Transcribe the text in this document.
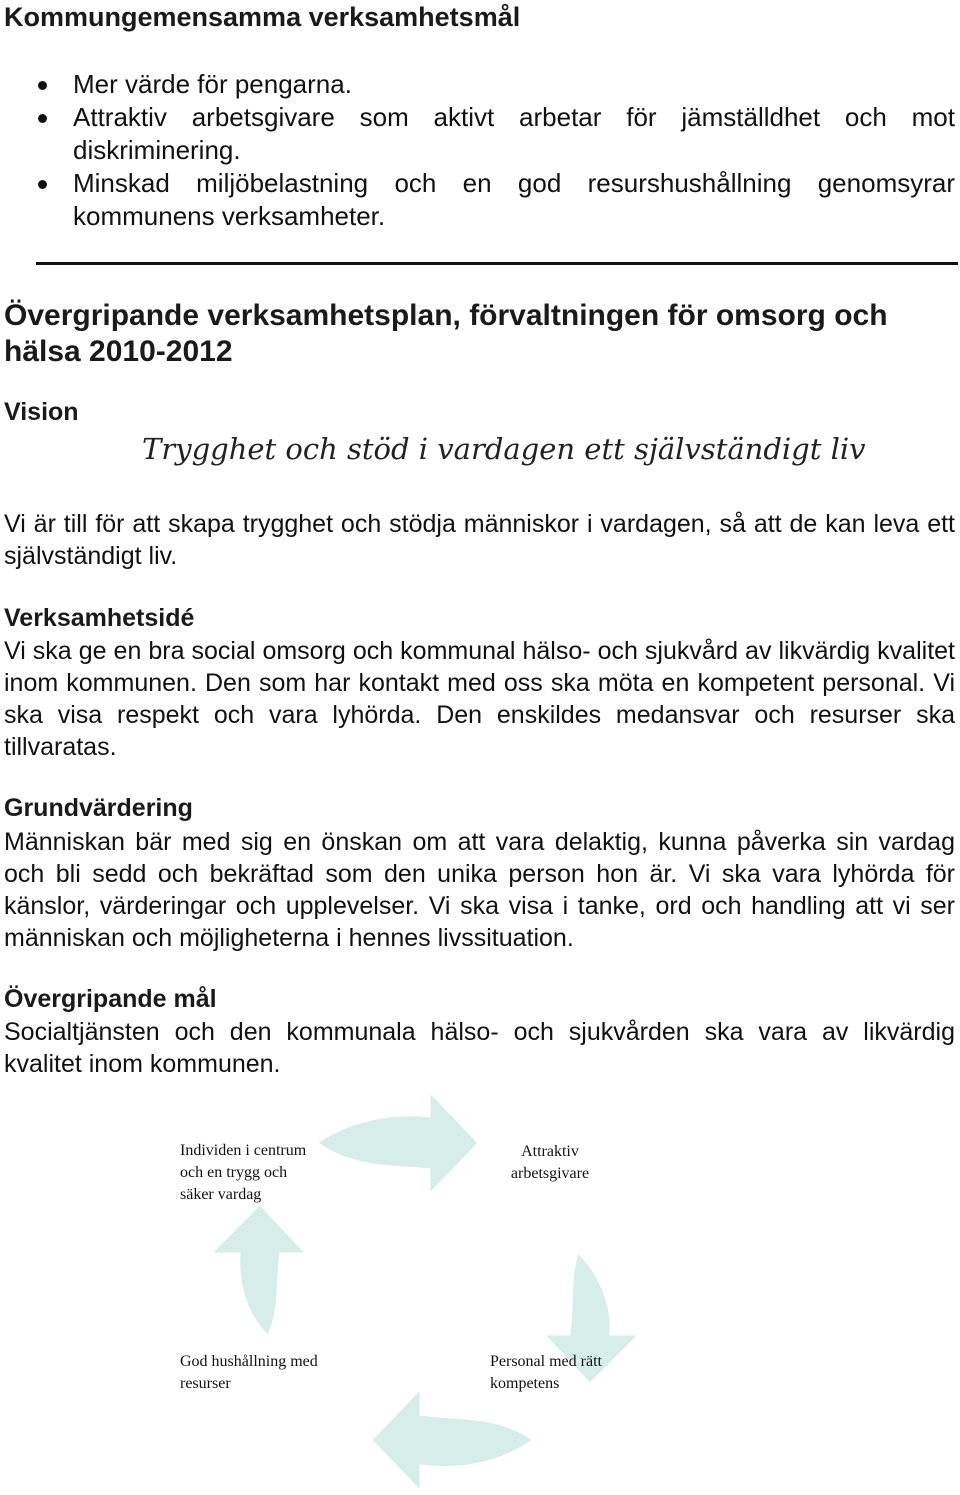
Kommungemensamma verksamhetsmål
Mer värde för pengarna.
Attraktiv arbetsgivare som aktivt arbetar för jämställdhet och mot diskriminering.
Minskad miljöbelastning och en god resurshushållning genomsyrar kommunens verksamheter.
Övergripande verksamhetsplan, förvaltningen för omsorg och hälsa 2010-2012
Vision

Trygghet och stöd i vardagen ett självständigt liv

Vi är till för att skapa trygghet och stödja människor i vardagen, så att de kan leva ett självständigt liv.

Verksamhetsidé

Vi ska ge en bra social omsorg och kommunal hälso- och sjukvård av likvärdig kvalitet inom kommunen. Den som har kontakt med oss ska möta en kompetent personal. Vi ska visa respekt och vara lyhörda. Den enskildes medansvar och resurser ska tillvaratas.

Grundvärdering

Människan bär med sig en önskan om att vara delaktig, kunna påverka sin vardag och bli sedd och bekräftad som den unika person hon är. Vi ska vara lyhörda för känslor, värderingar och upplevelser. Vi ska visa i tanke, ord och handling att vi ser människan och möjligheterna i hennes livssituation.

Övergripande mål

Socialtjänsten och den kommunala hälso- och sjukvården ska vara av likvärdig kvalitet inom kommunen.

Individen i centrum och en trygg och säker vardag

Attraktiv arbetsgivare

God hushållning med resurser

Personal med rätt kompetens
